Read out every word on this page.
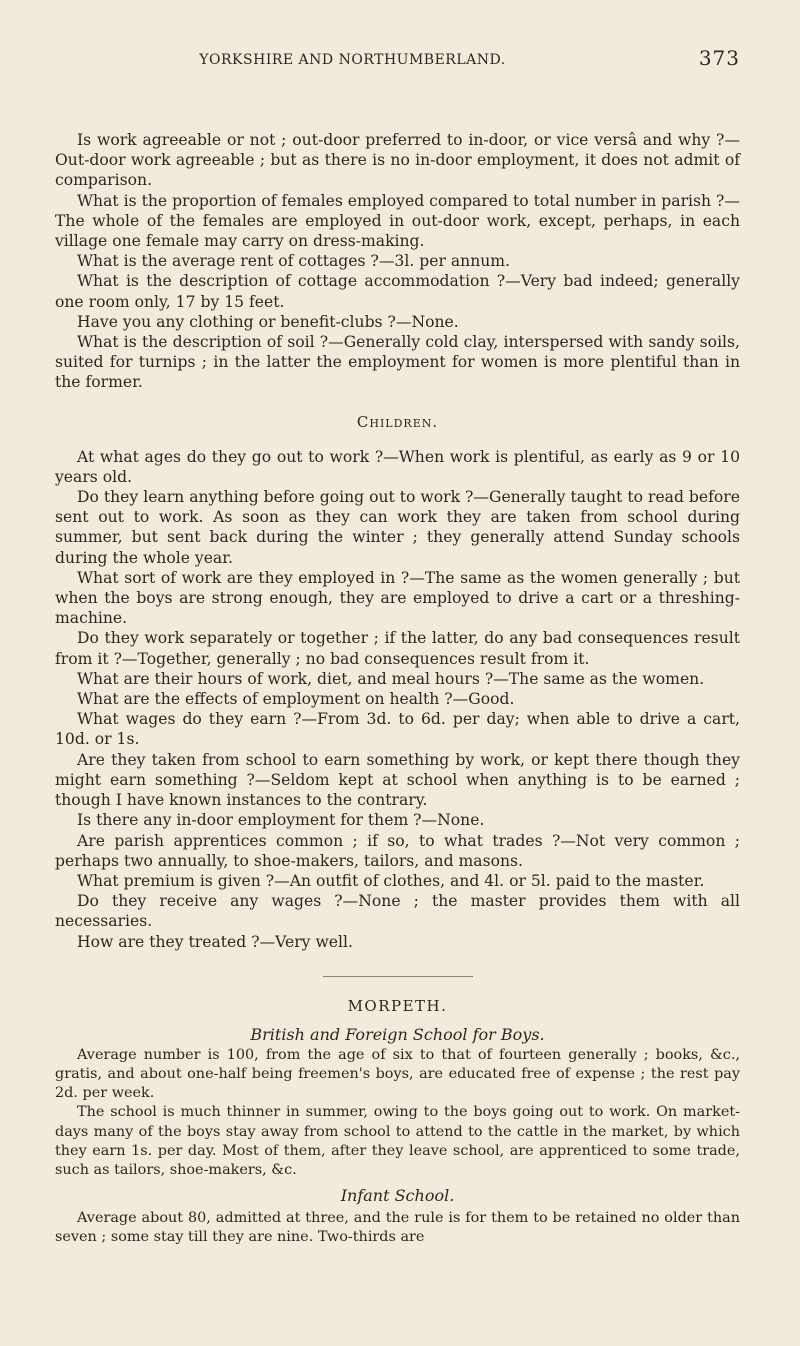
YORKSHIRE AND NORTHUMBERLAND.	373

Is work agreeable or not ; out-door preferred to in-door, or vice versâ and why ?—Out-door work agreeable ; but as there is no in-door employment, it does not admit of comparison.

What is the proportion of females employed compared to total number in parish ?—The whole of the females are employed in out-door work, except, perhaps, in each village one female may carry on dress-making.

What is the average rent of cottages ?—3l. per annum.

What is the description of cottage accommodation ?—Very bad indeed; generally one room only, 17 by 15 feet.

Have you any clothing or benefit-clubs ?—None.

What is the description of soil ?—Generally cold clay, interspersed with sandy soils, suited for turnips ; in the latter the employment for women is more plentiful than in the former.

Children.

At what ages do they go out to work ?—When work is plentiful, as early as 9 or 10 years old.

Do they learn anything before going out to work ?—Generally taught to read before sent out to work. As soon as they can work they are taken from school during summer, but sent back during the winter ; they generally attend Sunday schools during the whole year.

What sort of work are they employed in ?—The same as the women generally ; but when the boys are strong enough, they are employed to drive a cart or a threshing-machine.

Do they work separately or together ; if the latter, do any bad consequences result from it ?—Together, generally ; no bad consequences result from it.

What are their hours of work, diet, and meal hours ?—The same as the women.

What are the effects of employment on health ?—Good.

What wages do they earn ?—From 3d. to 6d. per day; when able to drive a cart, 10d. or 1s.

Are they taken from school to earn something by work, or kept there though they might earn something ?—Seldom kept at school when anything is to be earned ; though I have known instances to the contrary.

Is there any in-door employment for them ?—None.

Are parish apprentices common ; if so, to what trades ?—Not very common ; perhaps two annually, to shoe-makers, tailors, and masons.

What premium is given ?—An outfit of clothes, and 4l. or 5l. paid to the master.

Do they receive any wages ?—None ; the master provides them with all necessaries.

How are they treated ?—Very well.

MORPETH.
British and Foreign School for Boys.

Average number is 100, from the age of six to that of fourteen generally ; books, &c., gratis, and about one-half being freemen's boys, are educated free of expense ; the rest pay 2d. per week.

The school is much thinner in summer, owing to the boys going out to work. On market-days many of the boys stay away from school to attend to the cattle in the market, by which they earn 1s. per day. Most of them, after they leave school, are apprenticed to some trade, such as tailors, shoe-makers, &c.

Infant School.

Average about 80, admitted at three, and the rule is for them to be retained no older than seven ; some stay till they are nine. Two-thirds are
